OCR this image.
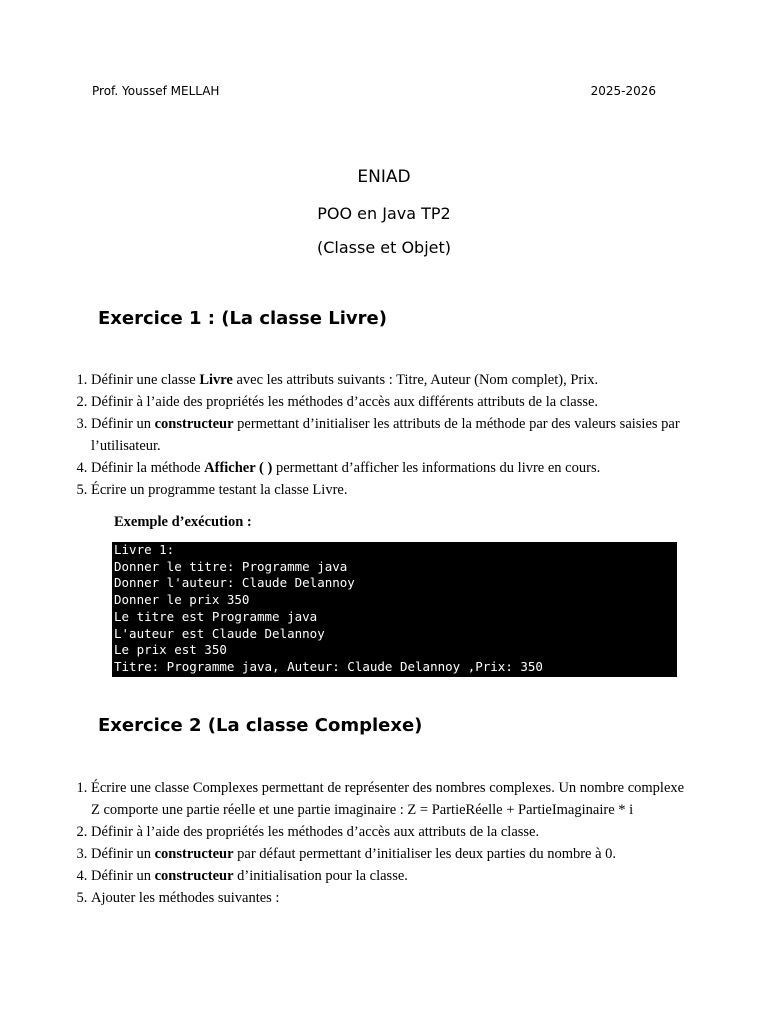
Prof. Youssef MELLAH	2025-2026
ENIAD
POO en Java TP2
(Classe et Objet)
Exercice 1 : (La classe Livre)
1. Définir une classe Livre avec les attributs suivants : Titre, Auteur (Nom complet), Prix.
2. Définir à l’aide des propriétés les méthodes d’accès aux différents attributs de la classe.
3. Définir un constructeur permettant d’initialiser les attributs de la méthode par des valeurs saisies par l’utilisateur.
4. Définir la méthode Afficher ( ) permettant d’afficher les informations du livre en cours.
5. Écrire un programme testant la classe Livre.
Exemple d’exécution :
Livre 1:
Donner le titre: Programme java
Donner l'auteur: Claude Delannoy
Donner le prix 350
Le titre est Programme java
L'auteur est Claude Delannoy
Le prix est 350
Titre: Programme java, Auteur: Claude Delannoy ,Prix: 350
Exercice 2 (La classe Complexe)
1. Écrire une classe Complexes permettant de représenter des nombres complexes. Un nombre complexe Z comporte une partie réelle et une partie imaginaire : Z = PartieRéelle + PartieImaginaire * i
2. Définir à l’aide des propriétés les méthodes d’accès aux attributs de la classe.
3. Définir un constructeur par défaut permettant d’initialiser les deux parties du nombre à 0.
4. Définir un constructeur d’initialisation pour la classe.
5. Ajouter les méthodes suivantes :
